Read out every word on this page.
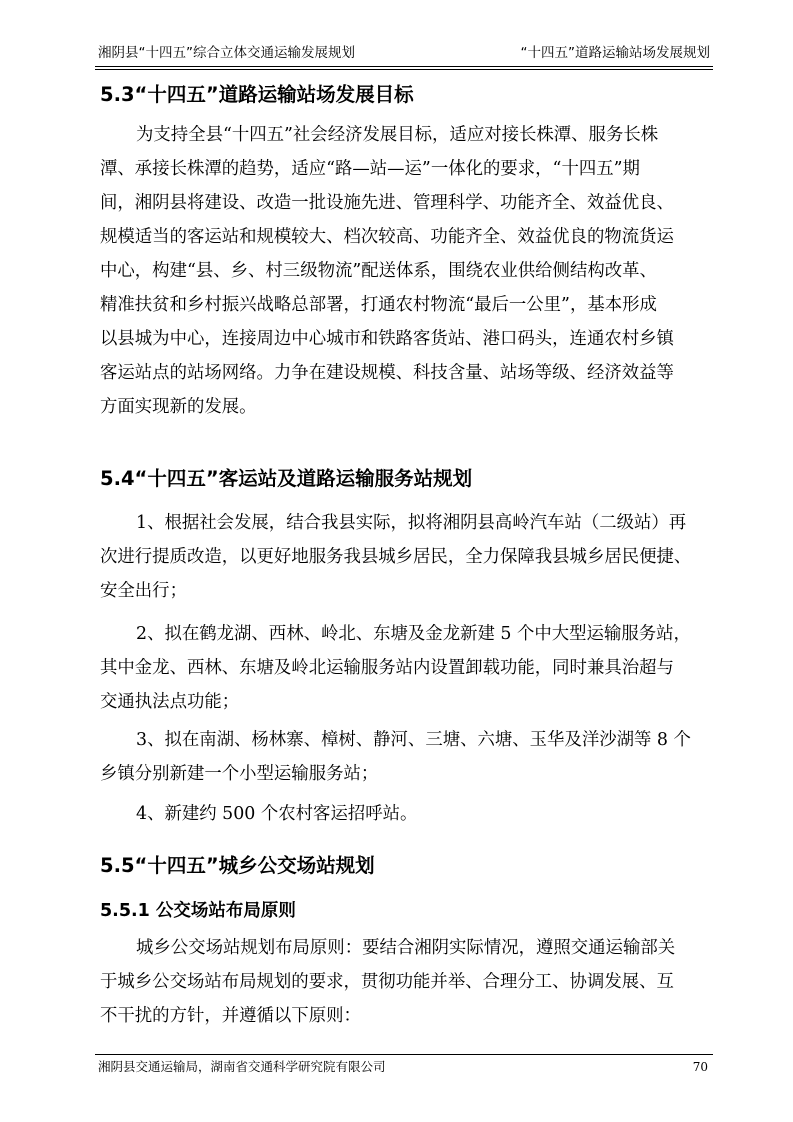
湘阴县“十四五”综合立体交通运输发展规划	“十四五”道路运输站场发展规划
5.3“十四五”道路运输站场发展目标
为支持全县“十四五”社会经济发展目标，适应对接长株潭、服务长株
潭、承接长株潭的趋势，适应“路—站—运”一体化的要求，“十四五”期
间，湘阴县将建设、改造一批设施先进、管理科学、功能齐全、效益优良、
规模适当的客运站和规模较大、档次较高、功能齐全、效益优良的物流货运
中心，构建“县、乡、村三级物流”配送体系，围绕农业供给侧结构改革、
精准扶贫和乡村振兴战略总部署，打通农村物流“最后一公里”，基本形成
以县城为中心，连接周边中心城市和铁路客货站、港口码头，连通农村乡镇
客运站点的站场网络。力争在建设规模、科技含量、站场等级、经济效益等
方面实现新的发展。
5.4“十四五”客运站及道路运输服务站规划
1、根据社会发展，结合我县实际，拟将湘阴县高岭汽车站（二级站）再
次进行提质改造，以更好地服务我县城乡居民，全力保障我县城乡居民便捷、
安全出行；
2、拟在鹤龙湖、西林、岭北、东塘及金龙新建 5 个中大型运输服务站，
其中金龙、西林、东塘及岭北运输服务站内设置卸载功能，同时兼具治超与
交通执法点功能；
3、拟在南湖、杨林寨、樟树、静河、三塘、六塘、玉华及洋沙湖等 8 个
乡镇分别新建一个小型运输服务站；
4、新建约 500 个农村客运招呼站。
5.5“十四五”城乡公交场站规划
5.5.1 公交场站布局原则
城乡公交场站规划布局原则：要结合湘阴实际情况，遵照交通运输部关
于城乡公交场站布局规划的要求，贯彻功能并举、合理分工、协调发展、互
不干扰的方针，并遵循以下原则：
湘阴县交通运输局，湖南省交通科学研究院有限公司	70
